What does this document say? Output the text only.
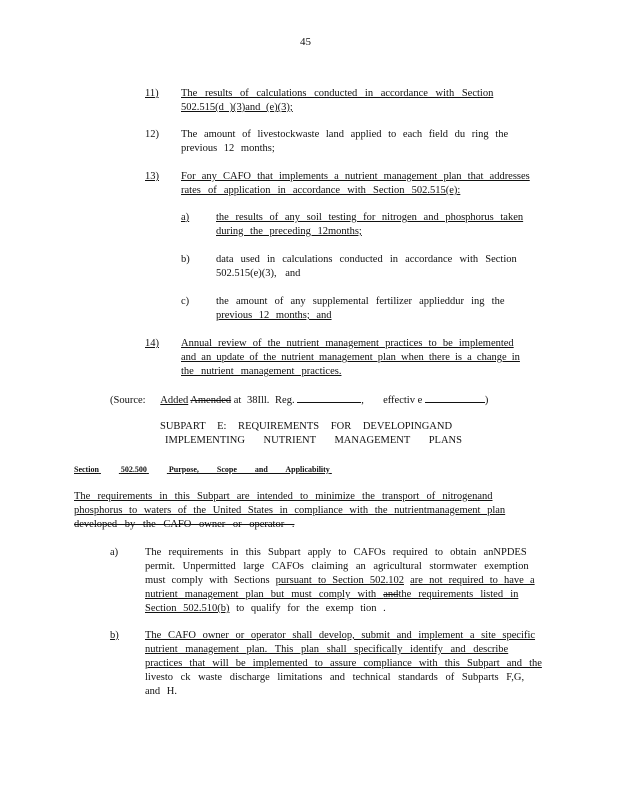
45
11) The results of calculations conducted in accordance with Section
502.515(d )(3)and (e)(3);
12) The amount of livestockwaste land applied to each field du ring the
previous 12 months;
13) For any CAFO that implements a nutrient management plan that addresses
rates of application in accordance with Section 502.515(e):
a)	the results of any soil testing for nitrogen and phosphorus taken
during the preceding 12months;
b)	data used in calculations conducted in accordance with Section
502.515(e)(3), and
c)	the amount of any supplemental fertilizer applieddur ing the
previous 12 months; and
14) Annual review of the nutrient management practices to be implemented
and an update of the nutrient management plan when there is a change in
the nutrient management practices.
(Source: Added Amended at 38Ill. Reg.	, effectiv e	)
SUBPART E: REQUIREMENTS FOR DEVELOPINGAND
IMPLEMENTING NUTRIENT MANAGEMENT PLANS
Section	502.500	Purpose, Scope and Applicability
The requirements in this Subpart are intended to minimize the transport of nitrogenand
phosphorus to waters of the United States in compliance with the nutrientmanagement plan
developed by the CAFO owner or operator .
a)	The requirements in this Subpart apply to CAFOs required to obtain anNPDES
permit. Unpermitted large CAFOs claiming an agricultural stormwater exemption
must comply with Sections pursuant to Section 502.102 are not required to have a
nutrient management plan but must comply with andthe requirements listed in
Section 502.510(b) to qualify for the exemp tion .
b)	The CAFO owner or operator shall develop, submit and implement a site specific
nutrient management plan. This plan shall specifically identify and describe
practices that will be implemented to assure compliance with this Subpart and the
livesto ck waste discharge limitations and technical standards of Subparts F,G,
and H.
